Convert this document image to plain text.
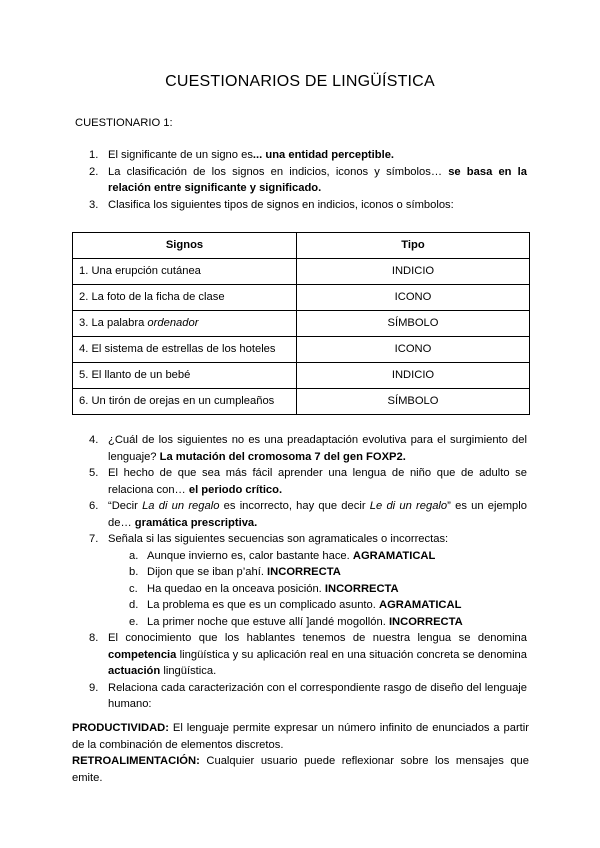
CUESTIONARIOS DE LINGÜÍSTICA
CUESTIONARIO 1:
1. El significante de un signo es... una entidad perceptible.
2. La clasificación de los signos en indicios, iconos y símbolos… se basa en la relación entre significante y significado.
3. Clasifica los siguientes tipos de signos en indicios, iconos o símbolos:
Signos	Tipo
1. Una erupción cutánea	INDICIO
2. La foto de la ficha de clase	ICONO
3. La palabra ordenador	SÍMBOLO
4. El sistema de estrellas de los hoteles	ICONO
5. El llanto de un bebé	INDICIO
6. Un tirón de orejas en un cumpleaños	SÍMBOLO
4. ¿Cuál de los siguientes no es una preadaptación evolutiva para el surgimiento del lenguaje? La mutación del cromosoma 7 del gen FOXP2.
5. El hecho de que sea más fácil aprender una lengua de niño que de adulto se relaciona con… el periodo crítico.
6. “Decir La di un regalo es incorrecto, hay que decir Le di un regalo” es un ejemplo de… gramática prescriptiva.
7. Señala si las siguientes secuencias son agramaticales o incorrectas:
a. Aunque invierno es, calor bastante hace. AGRAMATICAL
b. Dijon que se iban p’ahí. INCORRECTA
c. Ha quedao en la onceava posición. INCORRECTA
d. La problema es que es un complicado asunto. AGRAMATICAL
e. La primer noche que estuve allí ]andé mogollón. INCORRECTA
8. El conocimiento que los hablantes tenemos de nuestra lengua se denomina competencia lingüística y su aplicación real en una situación concreta se denomina actuación lingüística.
9. Relaciona cada caracterización con el correspondiente rasgo de diseño del lenguaje humano:
PRODUCTIVIDAD: El lenguaje permite expresar un número infinito de enunciados a partir de la combinación de elementos discretos.
RETROALIMENTACIÓN: Cualquier usuario puede reflexionar sobre los mensajes que emite.
